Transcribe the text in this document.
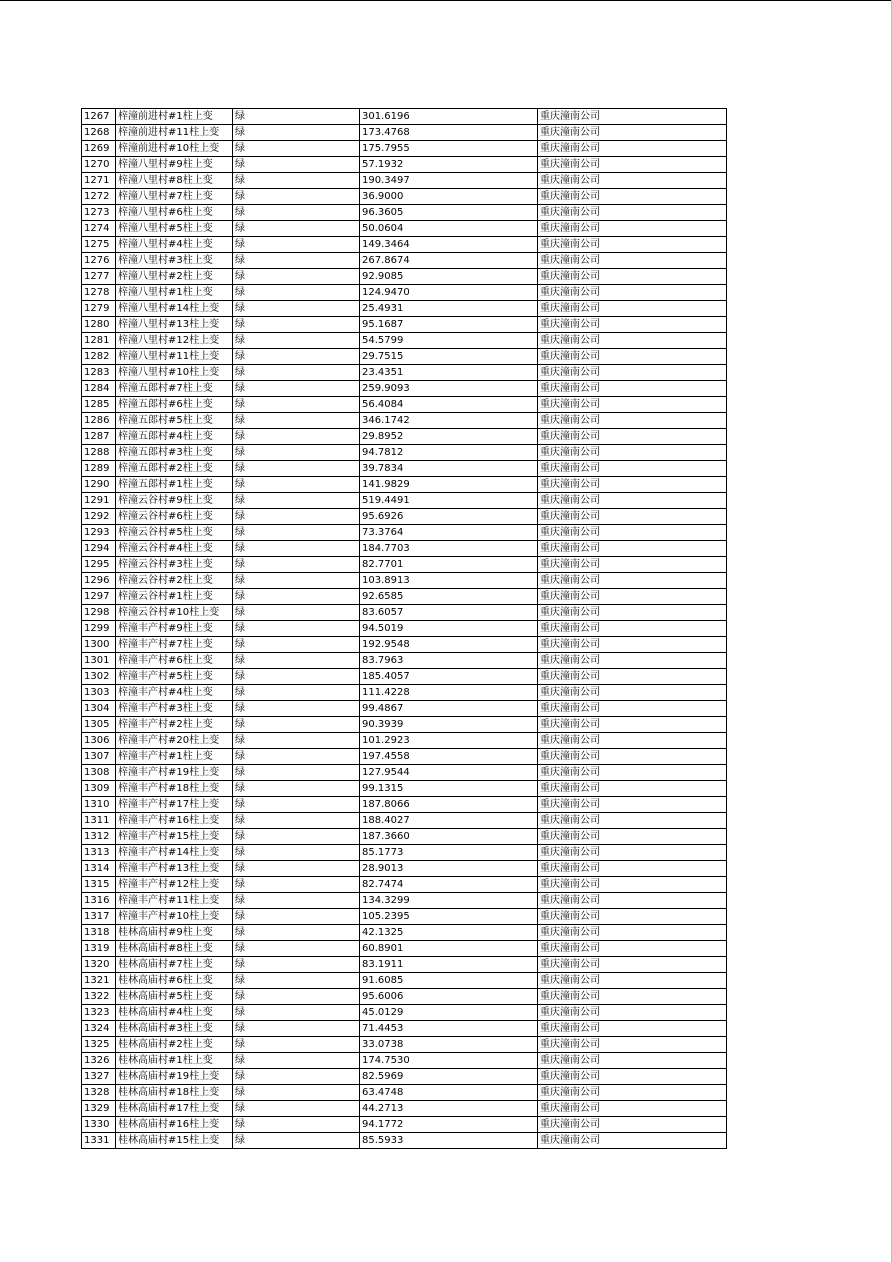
1267	梓潼前进村#1柱上变	绿	301.6196	重庆潼南公司
1268	梓潼前进村#11柱上变	绿	173.4768	重庆潼南公司
1269	梓潼前进村#10柱上变	绿	175.7955	重庆潼南公司
1270	梓潼八里村#9柱上变	绿	57.1932	重庆潼南公司
1271	梓潼八里村#8柱上变	绿	190.3497	重庆潼南公司
1272	梓潼八里村#7柱上变	绿	36.9000	重庆潼南公司
1273	梓潼八里村#6柱上变	绿	96.3605	重庆潼南公司
1274	梓潼八里村#5柱上变	绿	50.0604	重庆潼南公司
1275	梓潼八里村#4柱上变	绿	149.3464	重庆潼南公司
1276	梓潼八里村#3柱上变	绿	267.8674	重庆潼南公司
1277	梓潼八里村#2柱上变	绿	92.9085	重庆潼南公司
1278	梓潼八里村#1柱上变	绿	124.9470	重庆潼南公司
1279	梓潼八里村#14柱上变	绿	25.4931	重庆潼南公司
1280	梓潼八里村#13柱上变	绿	95.1687	重庆潼南公司
1281	梓潼八里村#12柱上变	绿	54.5799	重庆潼南公司
1282	梓潼八里村#11柱上变	绿	29.7515	重庆潼南公司
1283	梓潼八里村#10柱上变	绿	23.4351	重庆潼南公司
1284	梓潼五郎村#7柱上变	绿	259.9093	重庆潼南公司
1285	梓潼五郎村#6柱上变	绿	56.4084	重庆潼南公司
1286	梓潼五郎村#5柱上变	绿	346.1742	重庆潼南公司
1287	梓潼五郎村#4柱上变	绿	29.8952	重庆潼南公司
1288	梓潼五郎村#3柱上变	绿	94.7812	重庆潼南公司
1289	梓潼五郎村#2柱上变	绿	39.7834	重庆潼南公司
1290	梓潼五郎村#1柱上变	绿	141.9829	重庆潼南公司
1291	梓潼云谷村#9柱上变	绿	519.4491	重庆潼南公司
1292	梓潼云谷村#6柱上变	绿	95.6926	重庆潼南公司
1293	梓潼云谷村#5柱上变	绿	73.3764	重庆潼南公司
1294	梓潼云谷村#4柱上变	绿	184.7703	重庆潼南公司
1295	梓潼云谷村#3柱上变	绿	82.7701	重庆潼南公司
1296	梓潼云谷村#2柱上变	绿	103.8913	重庆潼南公司
1297	梓潼云谷村#1柱上变	绿	92.6585	重庆潼南公司
1298	梓潼云谷村#10柱上变	绿	83.6057	重庆潼南公司
1299	梓潼丰产村#9柱上变	绿	94.5019	重庆潼南公司
1300	梓潼丰产村#7柱上变	绿	192.9548	重庆潼南公司
1301	梓潼丰产村#6柱上变	绿	83.7963	重庆潼南公司
1302	梓潼丰产村#5柱上变	绿	185.4057	重庆潼南公司
1303	梓潼丰产村#4柱上变	绿	111.4228	重庆潼南公司
1304	梓潼丰产村#3柱上变	绿	99.4867	重庆潼南公司
1305	梓潼丰产村#2柱上变	绿	90.3939	重庆潼南公司
1306	梓潼丰产村#20柱上变	绿	101.2923	重庆潼南公司
1307	梓潼丰产村#1柱上变	绿	197.4558	重庆潼南公司
1308	梓潼丰产村#19柱上变	绿	127.9544	重庆潼南公司
1309	梓潼丰产村#18柱上变	绿	99.1315	重庆潼南公司
1310	梓潼丰产村#17柱上变	绿	187.8066	重庆潼南公司
1311	梓潼丰产村#16柱上变	绿	188.4027	重庆潼南公司
1312	梓潼丰产村#15柱上变	绿	187.3660	重庆潼南公司
1313	梓潼丰产村#14柱上变	绿	85.1773	重庆潼南公司
1314	梓潼丰产村#13柱上变	绿	28.9013	重庆潼南公司
1315	梓潼丰产村#12柱上变	绿	82.7474	重庆潼南公司
1316	梓潼丰产村#11柱上变	绿	134.3299	重庆潼南公司
1317	梓潼丰产村#10柱上变	绿	105.2395	重庆潼南公司
1318	桂林高庙村#9柱上变	绿	42.1325	重庆潼南公司
1319	桂林高庙村#8柱上变	绿	60.8901	重庆潼南公司
1320	桂林高庙村#7柱上变	绿	83.1911	重庆潼南公司
1321	桂林高庙村#6柱上变	绿	91.6085	重庆潼南公司
1322	桂林高庙村#5柱上变	绿	95.6006	重庆潼南公司
1323	桂林高庙村#4柱上变	绿	45.0129	重庆潼南公司
1324	桂林高庙村#3柱上变	绿	71.4453	重庆潼南公司
1325	桂林高庙村#2柱上变	绿	33.0738	重庆潼南公司
1326	桂林高庙村#1柱上变	绿	174.7530	重庆潼南公司
1327	桂林高庙村#19柱上变	绿	82.5969	重庆潼南公司
1328	桂林高庙村#18柱上变	绿	63.4748	重庆潼南公司
1329	桂林高庙村#17柱上变	绿	44.2713	重庆潼南公司
1330	桂林高庙村#16柱上变	绿	94.1772	重庆潼南公司
1331	桂林高庙村#15柱上变	绿	85.5933	重庆潼南公司
